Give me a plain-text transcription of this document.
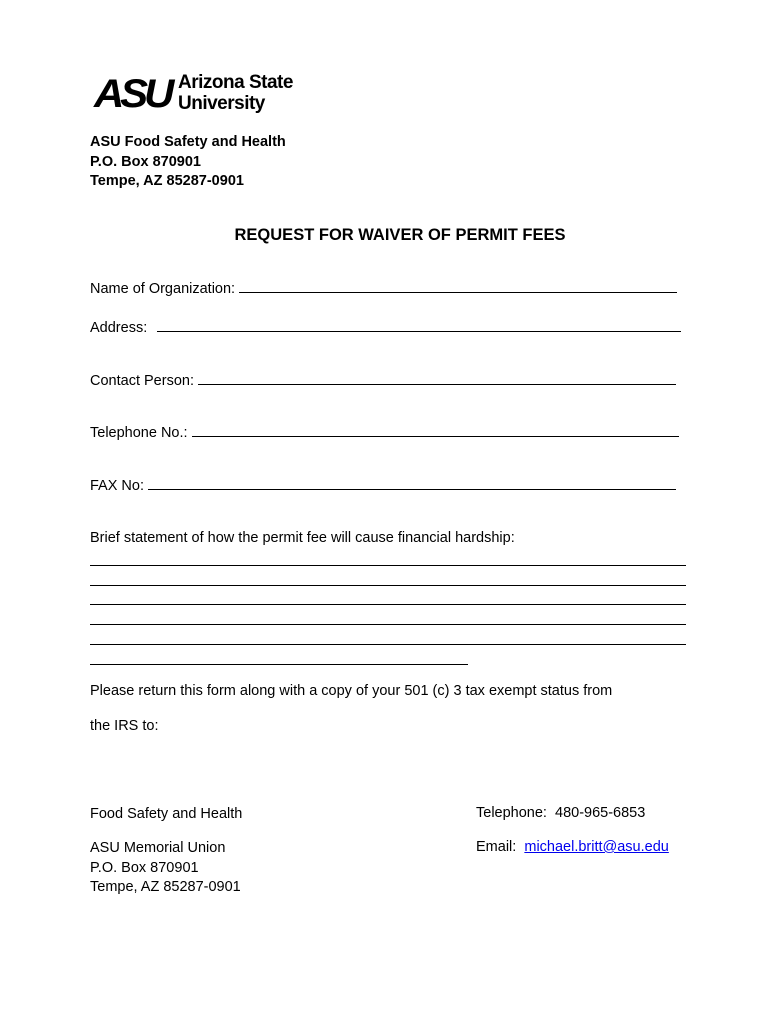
ASU Arizona State
University
ASU Food Safety and Health
P.O. Box 870901
Tempe, AZ 85287-0901
REQUEST FOR WAIVER OF PERMIT FEES
Name of Organization:
Address:
Contact Person:
Telephone No.:
FAX No:
Brief statement of how the permit fee will cause financial hardship:
Please return this form along with a copy of your 501 (c) 3 tax exempt status from
the IRS to:
Food Safety and Health
ASU Memorial Union
P.O. Box 870901
Tempe, AZ 85287-0901
Telephone: 480-965-6853
Email: michael.britt@asu.edu
